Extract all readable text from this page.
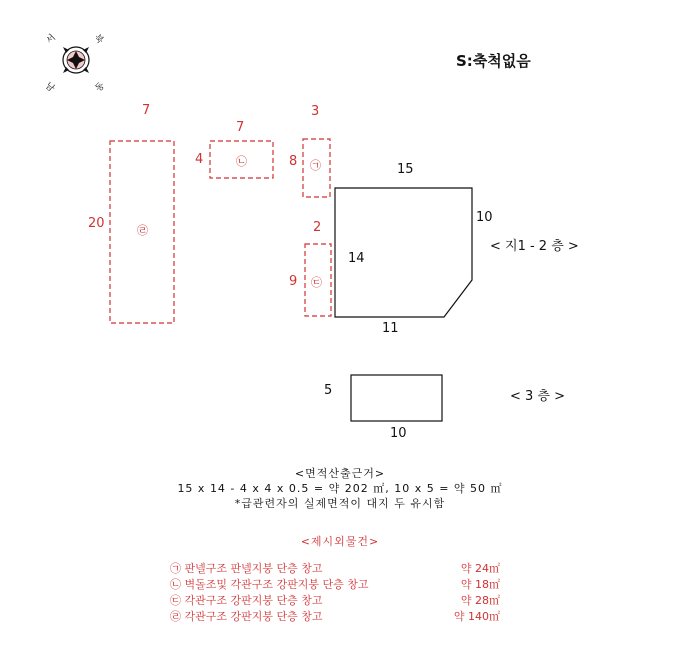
서	북
남	동
S:축척없음
7
20	㉣
7
4	㉡
3
8 ㉠
2
9 ㉢
15
10
14
11
< 지1 - 2 층 >
5
10
< 3 층 >
<면적산출근거>
15 x 14 - 4 x 4 x 0.5 = 약 202 ㎡, 10 x 5 = 약 50 ㎡
*급관련자의 실제면적이 대지 두 유시함
<제시외물건>
㉠ 판넬구조 판넬지붕 단층 창고	약 24㎡
㉡ 벽돌조및 각관구조 강판지붕 단층 창고	약 18㎡
㉢ 각관구조 강판지붕 단층 창고	약 28㎡
㉣ 각관구조 강판지붕 단층 창고	약 140㎡
